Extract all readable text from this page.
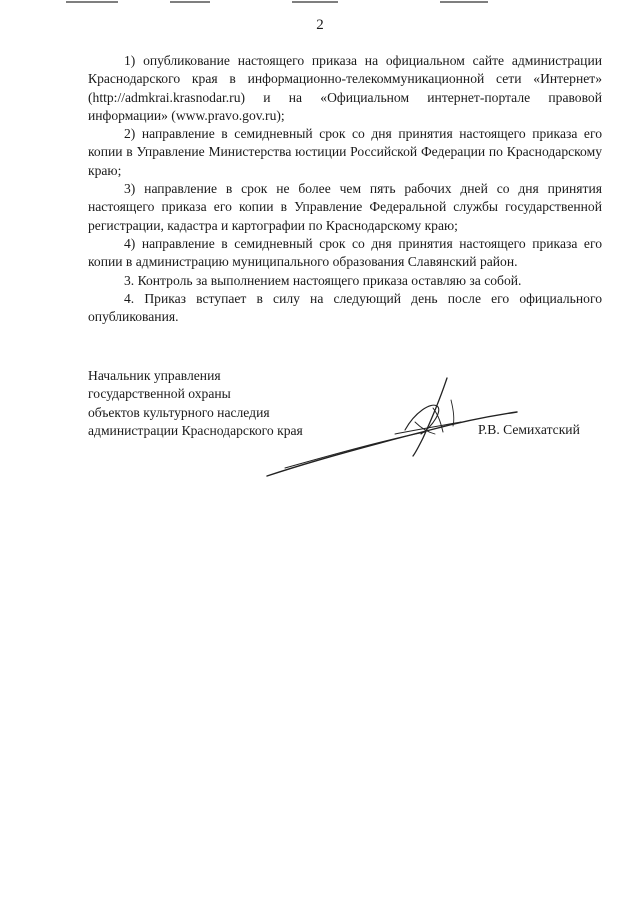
2

1) опубликование настоящего приказа на официальном сайте администрации Краснодарского края в информационно-телекоммуникационной сети «Интернет» (http://admkrai.krasnodar.ru) и на «Официальном интернет-портале правовой информации» (www.pravo.gov.ru);

2) направление в семидневный срок со дня принятия настоящего приказа его копии в Управление Министерства юстиции Российской Федерации по Краснодарскому краю;

3) направление в срок не более чем пять рабочих дней со дня принятия настоящего приказа его копии в Управление Федеральной службы государственной регистрации, кадастра и картографии по Краснодарскому краю;

4) направление в семидневный срок со дня принятия настоящего приказа его копии в администрацию муниципального образования Славянский район.

3. Контроль за выполнением настоящего приказа оставляю за собой.

4. Приказ вступает в силу на следующий день после его официального опубликования.

Начальник управления
государственной охраны
объектов культурного наследия
администрации Краснодарского края	Р.В. Семихатский
